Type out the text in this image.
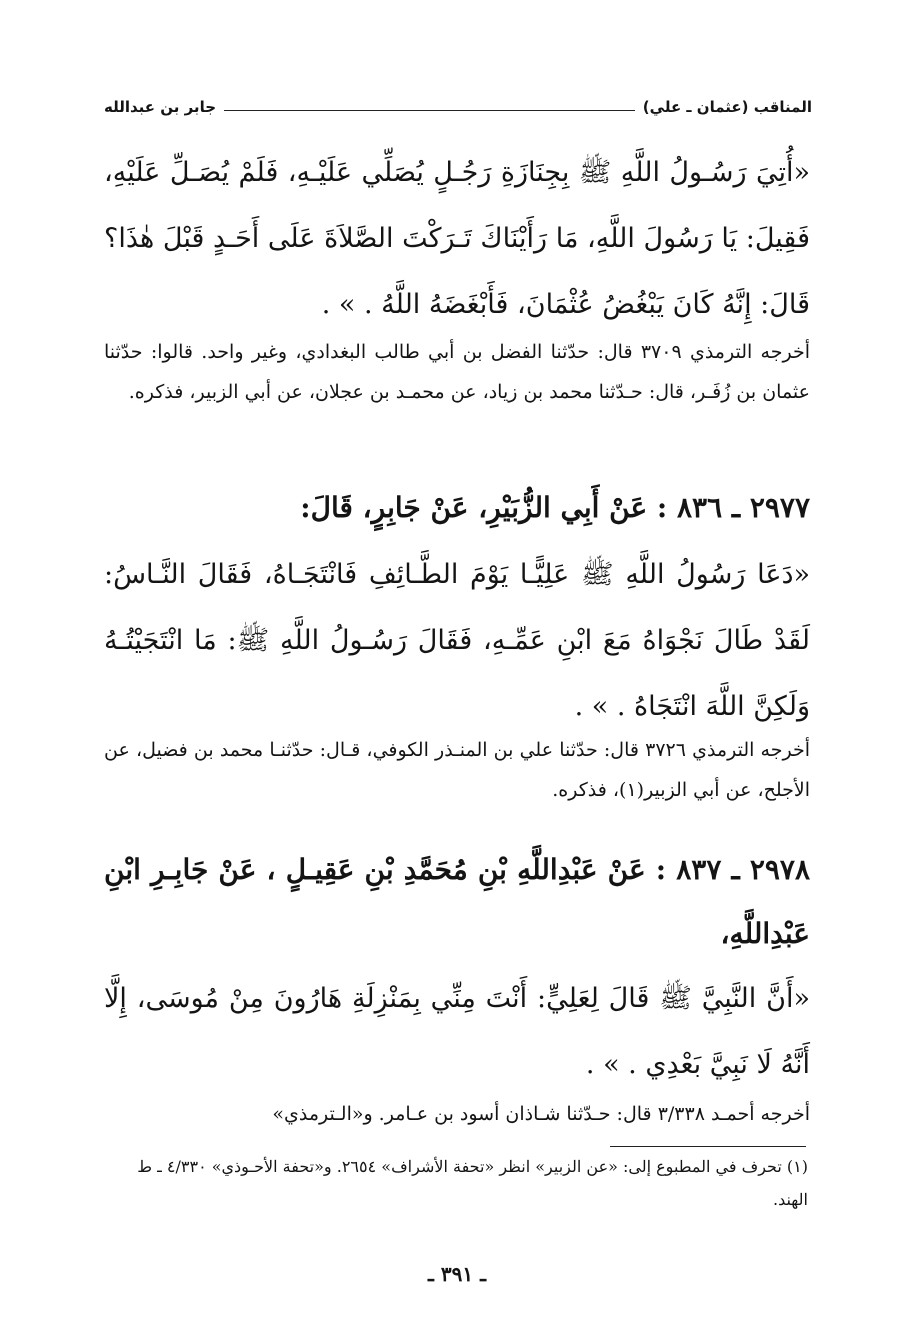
المناقب (عثمان ـ علي)
جابر بن عبدالله
«أُتِيَ رَسُـولُ اللَّهِ ﷺ بِجِنَازَةِ رَجُـلٍ يُصَلِّي عَلَيْـهِ، فَلَمْ يُصَـلِّ عَلَيْهِ، فَقِيلَ: يَا رَسُولَ اللَّهِ، مَا رَأَيْنَاكَ تَـرَكْتَ الصَّلاَةَ عَلَى أَحَـدٍ قَبْلَ هٰذَا؟ قَالَ: إِنَّهُ كَانَ يَبْغُضُ عُثْمَانَ، فَأَبْغَضَهُ اللَّهُ . » .
أخرجه الترمذي ٣٧٠٩ قال: حدّثنا الفضل بن أبي طالب البغدادي، وغير واحد. قالوا: حدّثنا عثمان بن زُفَـر، قال: حـدّثنا محمد بن زياد، عن محمـد بن عجلان، عن أبي الزبير، فذكره.
٢٩٧٧ ـ ٨٣٦ : عَنْ أَبِي الزُّبَيْرِ، عَنْ جَابِرٍ، قَالَ:
«دَعَا رَسُولُ اللَّهِ ﷺ عَلِيًّـا يَوْمَ الطَّـائِفِ فَانْتَجَـاهُ، فَقَالَ النَّـاسُ: لَقَدْ طَالَ نَجْوَاهُ مَعَ ابْنِ عَمِّـهِ، فَقَالَ رَسُـولُ اللَّهِ ﷺ: مَا انْتَجَيْتُـهُ وَلَكِنَّ اللَّهَ انْتَجَاهُ . » .
أخرجه الترمذي ٣٧٢٦ قال: حدّثنا علي بن المنـذر الكوفي، قـال: حدّثنـا محمد بن فضيل، عن الأجلح، عن أبي الزبير(١)، فذكره.
٢٩٧٨ ـ ٨٣٧ : عَنْ عَبْدِاللَّهِ بْنِ مُحَمَّدِ بْنِ عَقِيـلٍ ، عَنْ جَابِـرِ ابْنِ عَبْدِاللَّهِ،
«أَنَّ النَّبِيَّ ﷺ قَالَ لِعَلِيٍّ: أَنْتَ مِنِّي بِمَنْزِلَةِ هَارُونَ مِنْ مُوسَى، إِلَّا أَنَّهُ لَا نَبِيَّ بَعْدِي . » .
أخرجه أحمـد ٣/٣٣٨ قال: حـدّثنا شـاذان أسود بن عـامر. و«الـترمذي»
(١) تحرف في المطبوع إلى: «عن الزبير» انظر «تحفة الأشراف» ٢٦٥٤. و«تحفة الأحـوذي» ٤/٣٣٠ ـ ط الهند.
ـ ٣٩١ ـ
